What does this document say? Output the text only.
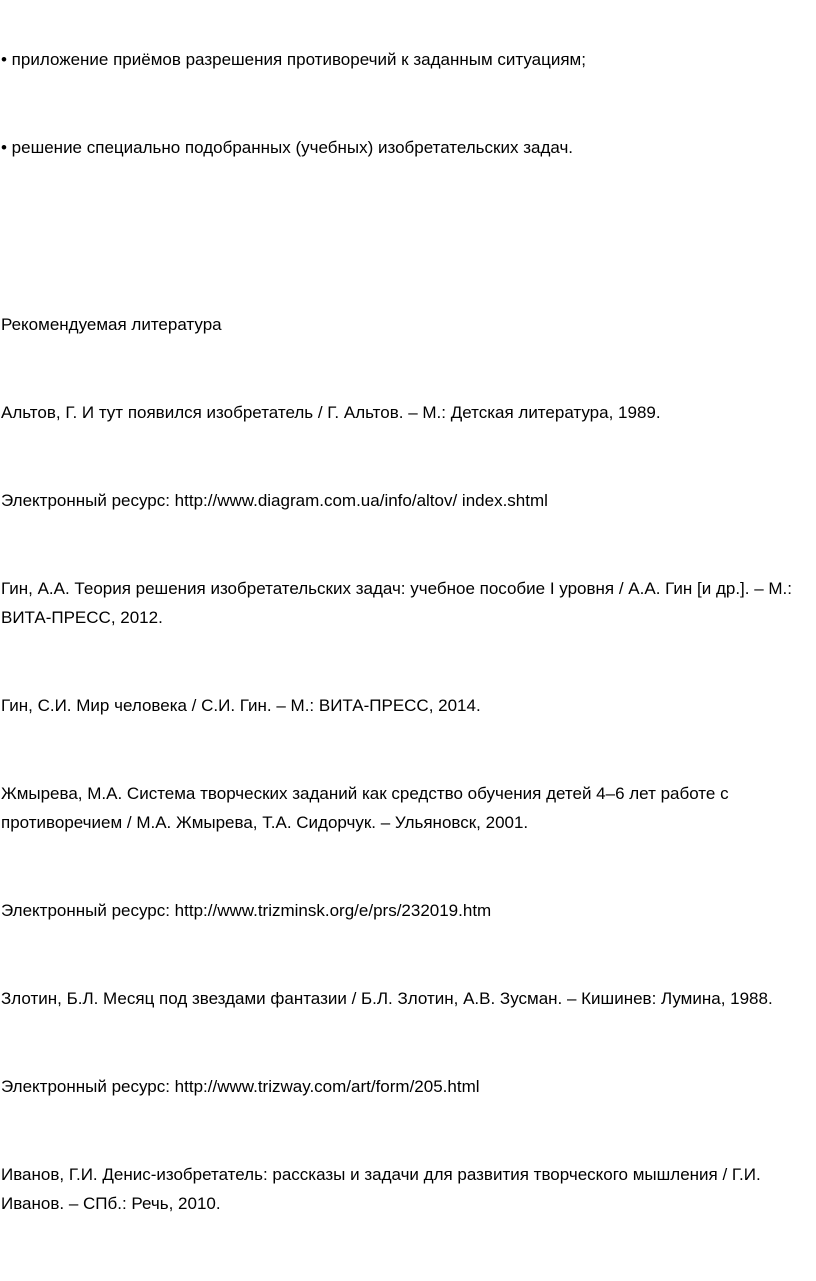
• приложение приёмов разрешения противоречий к заданным ситуациям;
• решение специально подобранных (учебных) изобретательских задач.
Рекомендуемая литература
Альтов, Г. И тут появился изобретатель / Г. Альтов. – М.: Детская литература, 1989.
Электронный ресурс: http://www.diagram.com.ua/info/altov/ index.shtml
Гин, А.А. Теория решения изобретательских задач: учебное пособие I уровня / А.А. Гин [и др.]. – М.: ВИТА-ПРЕСС, 2012.
Гин, С.И. Мир человека / С.И. Гин. – М.: ВИТА-ПРЕСС, 2014.
Жмырева, М.А. Система творческих заданий как средство обучения детей 4–6 лет работе с противоречием / М.А. Жмырева, Т.А. Сидорчук. – Ульяновск, 2001.
Электронный ресурс: http://www.trizminsk.org/e/prs/232019.htm
Злотин, Б.Л. Месяц под звездами фантазии / Б.Л. Злотин, А.В. Зусман. – Кишинев: Лумина, 1988.
Электронный ресурс: http://www.trizway.com/art/form/205.html
Иванов, Г.И. Денис-изобретатель: рассказы и задачи для развития творческого мышления / Г.И. Иванов. – СПб.: Речь, 2010.
